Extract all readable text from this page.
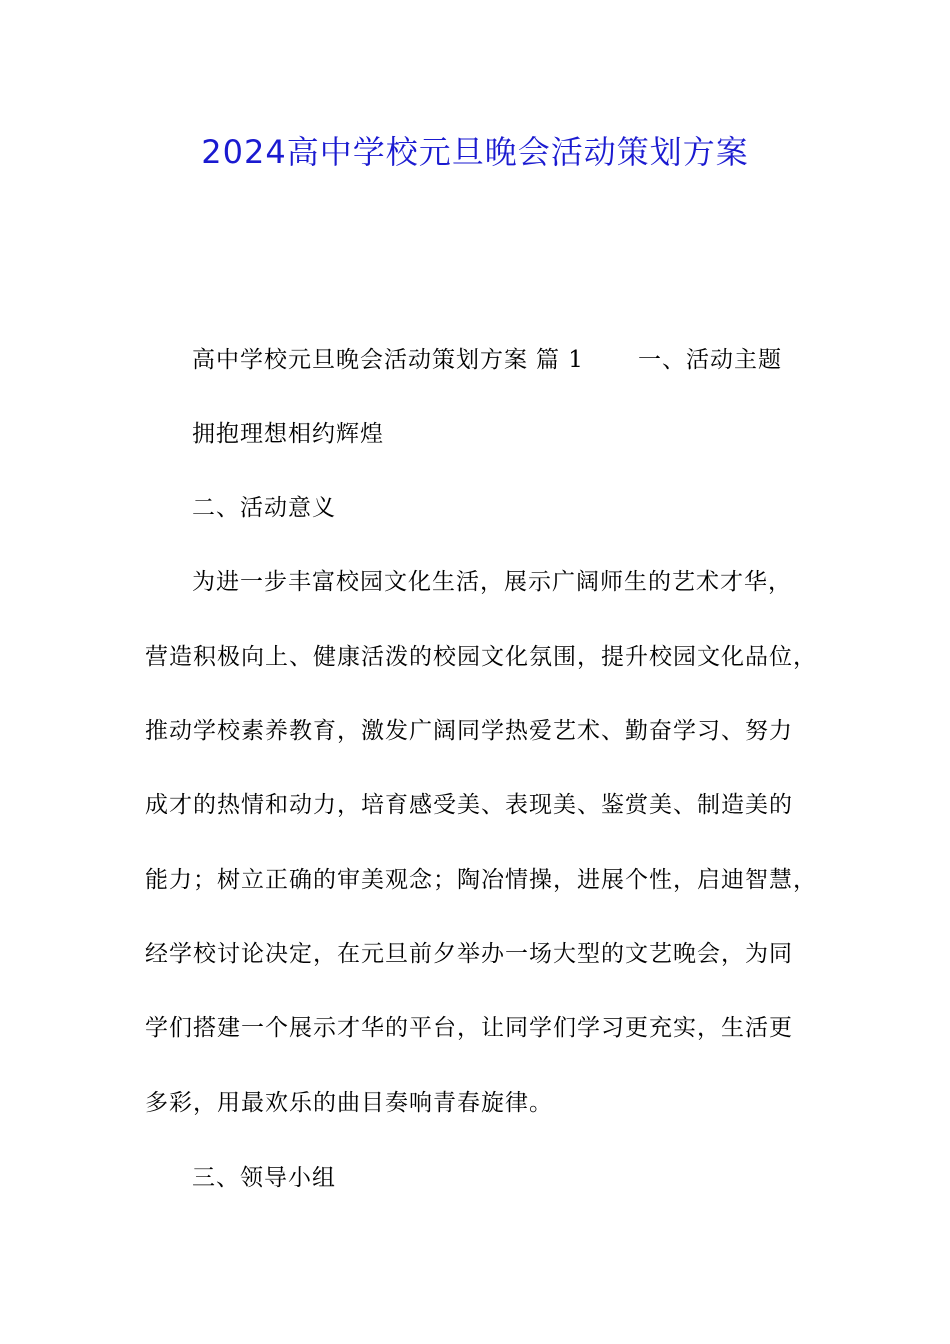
2024高中学校元旦晚会活动策划方案
高中学校元旦晚会活动策划方案 篇 1 一、活动主题
拥抱理想相约辉煌
二、活动意义
为进一步丰富校园文化生活，展示广阔师生的艺术才华，
营造积极向上、健康活泼的校园文化氛围，提升校园文化品位，
推动学校素养教育，激发广阔同学热爱艺术、勤奋学习、努力
成才的热情和动力，培育感受美、表现美、鉴赏美、制造美的
能力；树立正确的审美观念；陶冶情操，进展个性，启迪智慧，
经学校讨论决定，在元旦前夕举办一场大型的文艺晚会，为同
学们搭建一个展示才华的平台，让同学们学习更充实，生活更
多彩，用最欢乐的曲目奏响青春旋律。
三、领导小组
